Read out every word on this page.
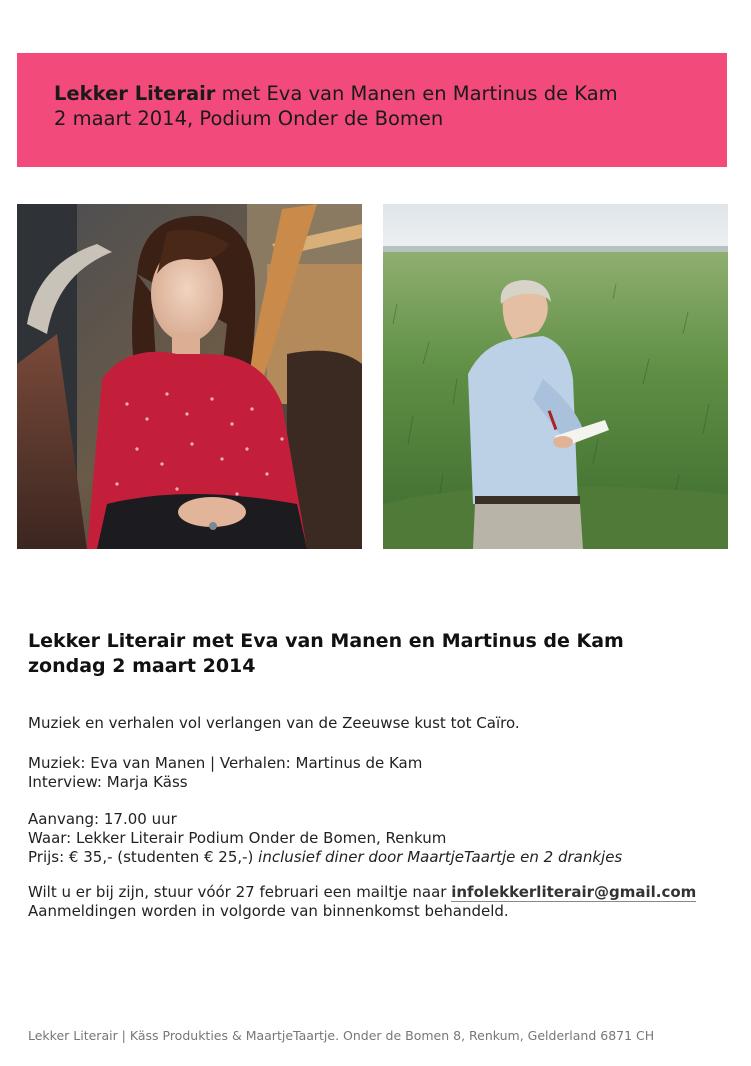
Lekker Literair met Eva van Manen en Martinus de Kam
2 maart 2014, Podium Onder de Bomen
Lekker Literair met Eva van Manen en Martinus de Kam
zondag 2 maart 2014
Muziek en verhalen vol verlangen van de Zeeuwse kust tot Caïro.
Muziek: Eva van Manen | Verhalen: Martinus de Kam
Interview: Marja Käss
Aanvang: 17.00 uur
Waar: Lekker Literair Podium Onder de Bomen, Renkum
Prijs: € 35,- (studenten € 25,-) inclusief diner door MaartjeTaartje en 2 drankjes
Wilt u er bij zijn, stuur vóór 27 februari een mailtje naar infolekkerliterair@gmail.com
Aanmeldingen worden in volgorde van binnenkomst behandeld.
Lekker Literair | Käss Produkties & MaartjeTaartje. Onder de Bomen 8, Renkum, Gelderland 6871 CH
